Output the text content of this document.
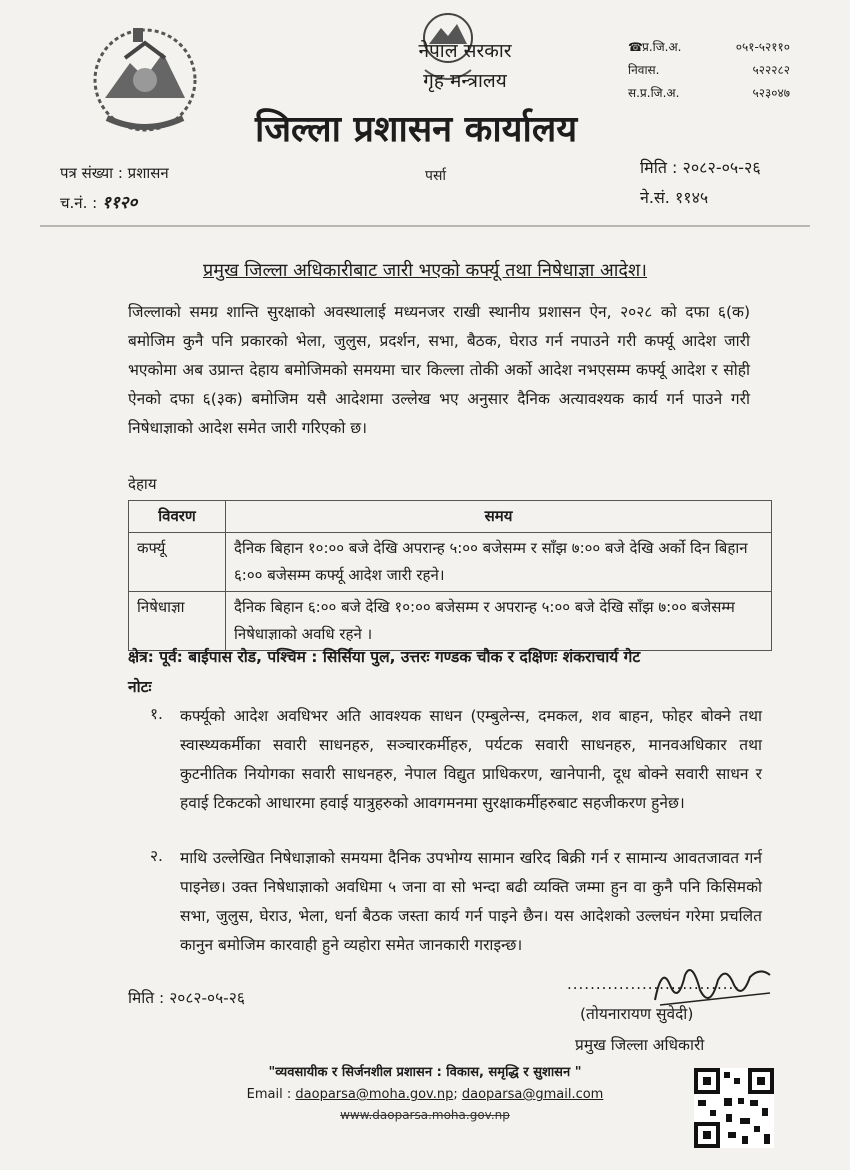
नेपाल सरकार
गृह मन्त्रालय
जिल्ला प्रशासन कार्यालय
☎प्र.जि.अ.	०५१-५२११०
निवास.	५२२२८२
स.प्र.जि.अ.	५२३०४७
पत्र संख्या : प्रशासन
च.नं. : ११२०
पर्सा	मिति : २०८२-०५-२६
ने.सं. ११४५
प्रमुख जिल्ला अधिकारीबाट जारी भएको कर्फ्यू तथा निषेधाज्ञा आदेश।
जिल्लाको समग्र शान्ति सुरक्षाको अवस्थालाई मध्यनजर राखी स्थानीय प्रशासन ऐन, २०२८ को दफा ६(क) बमोजिम कुनै पनि प्रकारको भेला, जुलुस, प्रदर्शन, सभा, बैठक, घेराउ गर्न नपाउने गरी कर्फ्यू आदेश जारी भएकोमा अब उप्रान्त देहाय बमोजिमको समयमा चार किल्ला तोकी अर्को आदेश नभएसम्म कर्फ्यू आदेश र सोही ऐनको दफा ६(३क) बमोजिम यसै आदेशमा उल्लेख भए अनुसार दैनिक अत्यावश्यक कार्य गर्न पाउने गरी निषेधाज्ञाको आदेश समेत जारी गरिएको छ।
देहाय
विवरण	समय
कर्फ्यू	दैनिक बिहान १०:०० बजे देखि अपरान्ह ५:०० बजेसम्म र साँझ ७:०० बजे देखि अर्को दिन बिहान ६:०० बजेसम्म कर्फ्यू आदेश जारी रहने।
निषेधाज्ञा	दैनिक बिहान ६:०० बजे देखि १०:०० बजेसम्म र अपरान्ह ५:०० बजे देखि साँझ ७:०० बजेसम्म निषेधाज्ञाको अवधि रहने ।
क्षेत्र: पूर्व: बाईपास रोड, पश्चिम : सिर्सिया पुल, उत्तरः गण्डक चौक र दक्षिणः शंकराचार्य गेट
नोटः
१. कर्फ्यूको आदेश अवधिभर अति आवश्यक साधन (एम्बुलेन्स, दमकल, शव बाहन, फोहर बोक्ने तथा स्वास्थ्यकर्मीका सवारी साधनहरु, सञ्चारकर्मीहरु, पर्यटक सवारी साधनहरु, मानवअधिकार तथा कुटनीतिक नियोगका सवारी साधनहरु, नेपाल विद्युत प्राधिकरण, खानेपानी, दूध बोक्ने सवारी साधन र हवाई टिकटको आधारमा हवाई यात्रुहरुको आवगमनमा सुरक्षाकर्मीहरुबाट सहजीकरण हुनेछ।
२. माथि उल्लेखित निषेधाज्ञाको समयमा दैनिक उपभोग्य सामान खरिद बिक्री गर्न र सामान्य आवतजावत गर्न पाइनेछ। उक्त निषेधाज्ञाको अवधिमा ५ जना वा सो भन्दा बढी व्यक्ति जम्मा हुन वा कुनै पनि किसिमको सभा, जुलुस, घेराउ, भेला, धर्ना बैठक जस्ता कार्य गर्न पाइने छैन। यस आदेशको उल्लघंन गरेमा प्रचलित कानुन बमोजिम कारवाही हुने व्यहोरा समेत जानकारी गराइन्छ।
मिति : २०८२-०५-२६
..............................
(तोयनारायण सुवेदी)
प्रमुख जिल्ला अधिकारी
"व्यवसायीक र सिर्जनशील प्रशासन : विकास, समृद्धि र सुशासन "
Email : daoparsa@moha.gov.np; daoparsa@gmail.com
www.daoparsa.moha.gov.np
